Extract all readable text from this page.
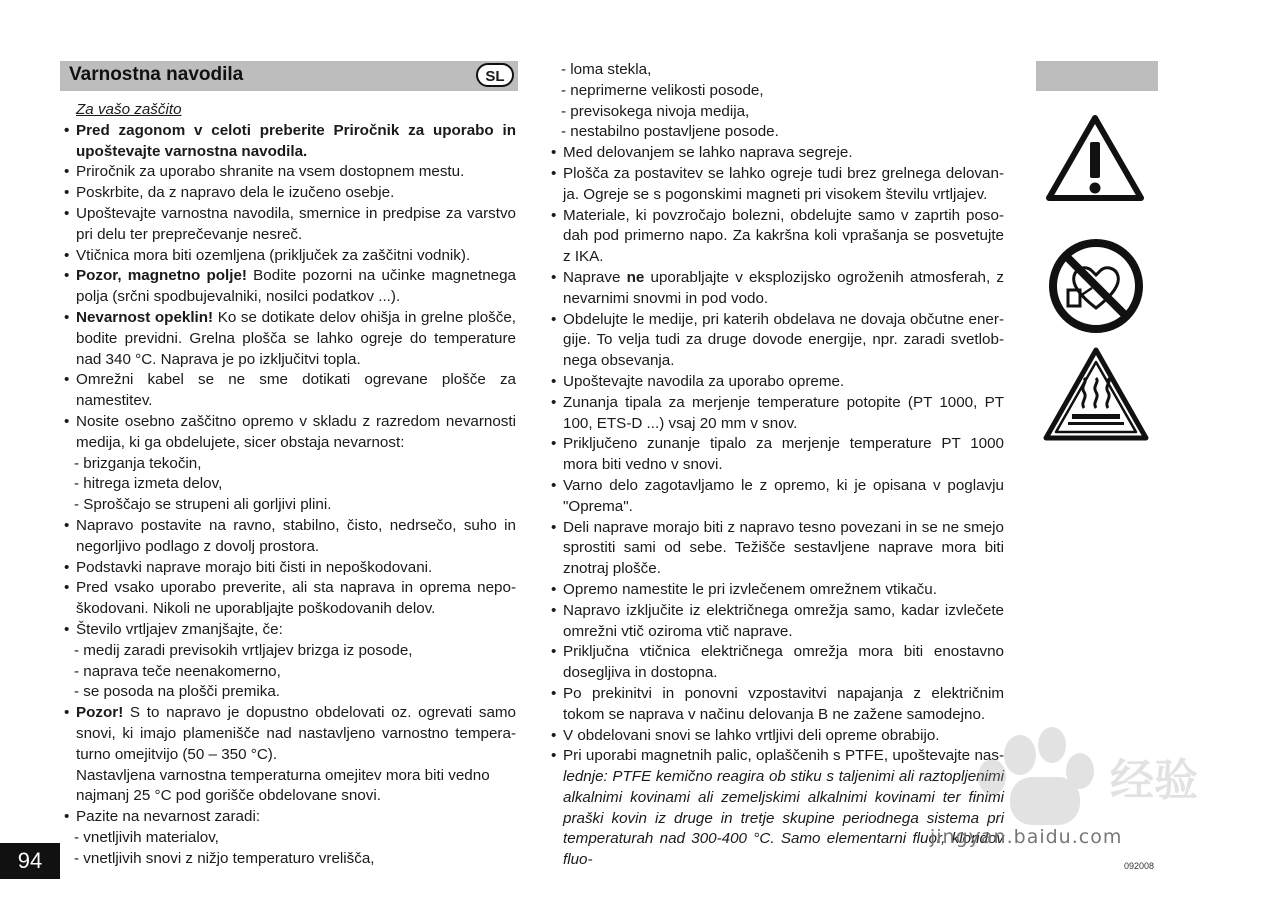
Varnostna navodila	SL
Za vašo zaščito
• Pred zagonom v celoti preberite Priročnik za uporabo in upoštevajte varnostna navodila.
• Priročnik za uporabo shranite na vsem dostopnem mestu.
• Poskrbite, da z napravo dela le izučeno osebje.
• Upoštevajte varnostna navodila, smernice in predpise za varstvo pri delu ter preprečevanje nesreč.
• Vtičnica mora biti ozemljena (priključek za zaščitni vodnik).
• Pozor, magnetno polje! Bodite pozorni na učinke magnetnega polja (srčni spodbujevalniki, nosilci podatkov ...).
• Nevarnost opeklin! Ko se dotikate delov ohišja in grelne plošče, bodite previdni. Grelna plošča se lahko ogreje do temperature nad 340 °C. Naprava je po izključitvi topla.
• Omrežni kabel se ne sme dotikati ogrevane plošče za namestitev.
• Nosite osebno zaščitno opremo v skladu z razredom nevarnosti medija, ki ga obdelujete, sicer obstaja nevarnost:
- brizganja tekočin,
- hitrega izmeta delov,
- Sproščajo se strupeni ali gorljivi plini.
• Napravo postavite na ravno, stabilno, čisto, nedrsečo, suho in negorljivo podlago z dovolj prostora.
• Podstavki naprave morajo biti čisti in nepoškodovani.
• Pred vsako uporabo preverite, ali sta naprava in oprema nepoškodovani. Nikoli ne uporabljajte poškodovanih delov.
• Število vrtljajev zmanjšajte, če:
- medij zaradi previsokih vrtljajev brizga iz posode,
- naprava teče neenakomerno,
- se posoda na plošči premika.
• Pozor! S to napravo je dopustno obdelovati oz. ogrevati samo snovi, ki imajo plamenišče nad nastavljeno varnostno temperaturno omejitvijo (50 – 350 °C).
Nastavljena varnostna temperaturna omejitev mora biti vedno najmanj 25 °C pod gorišče obdelovane snovi.
• Pazite na nevarnost zaradi:
- vnetljivih materialov,
- vnetljivih snovi z nižjo temperaturo vrelišča,
- loma stekla,
- neprimerne velikosti posode,
- previsokega nivoja medija,
- nestabilno postavljene posode.
• Med delovanjem se lahko naprava segreje.
• Plošča za postavitev se lahko ogreje tudi brez grelnega delovanja. Ogreje se s pogonskimi magneti pri visokem številu vrtljajev.
• Materiale, ki povzročajo bolezni, obdelujte samo v zaprtih posodah pod primerno napo. Za kakršna koli vprašanja se posvetujte z IKA.
• Naprave ne uporabljajte v eksplozijsko ogroženih atmosferah, z nevarnimi snovmi in pod vodo.
• Obdelujte le medije, pri katerih obdelava ne dovaja občutne energije. To velja tudi za druge dovode energije, npr. zaradi svetlobnega obsevanja.
• Upoštevajte navodila za uporabo opreme.
• Zunanja tipala za merjenje temperature potopite (PT 1000, PT 100, ETS-D ...) vsaj 20 mm v snov.
• Priključeno zunanje tipalo za merjenje temperature PT 1000 mora biti vedno v snovi.
• Varno delo zagotavljamo le z opremo, ki je opisana v poglavju "Oprema".
• Deli naprave morajo biti z napravo tesno povezani in se ne smejo sprostiti sami od sebe. Težišče sestavljene naprave mora biti znotraj plošče.
• Opremo namestite le pri izvlečenem omrežnem vtikaču.
• Napravo izključite iz električnega omrežja samo, kadar izvlečete omrežni vtič oziroma vtič naprave.
• Priključna vtičnica električnega omrežja mora biti enostavno dosegljiva in dostopna.
• Po prekinitvi in ponovni vzpostavitvi napajanja z električnim tokom se naprava v načinu delovanja B ne zažene samodejno.
• V obdelovani snovi se lahko vrtljivi deli opreme obrabijo.
• Pri uporabi magnetnih palic, oplaščenih s PTFE, upoštevajte naslednje: PTFE kemično reagira ob stiku s taljenimi ali raztopljenimi alkalnimi kovinami ali zemeljskimi alkalnimi kovinami ter finimi praški kovin iz druge in tretje skupine periodnega sistema pri temperaturah nad 300-400 °C. Samo elementarni fluor, kloridov fluo-
94	092008
经验
jingyan.baidu.com
